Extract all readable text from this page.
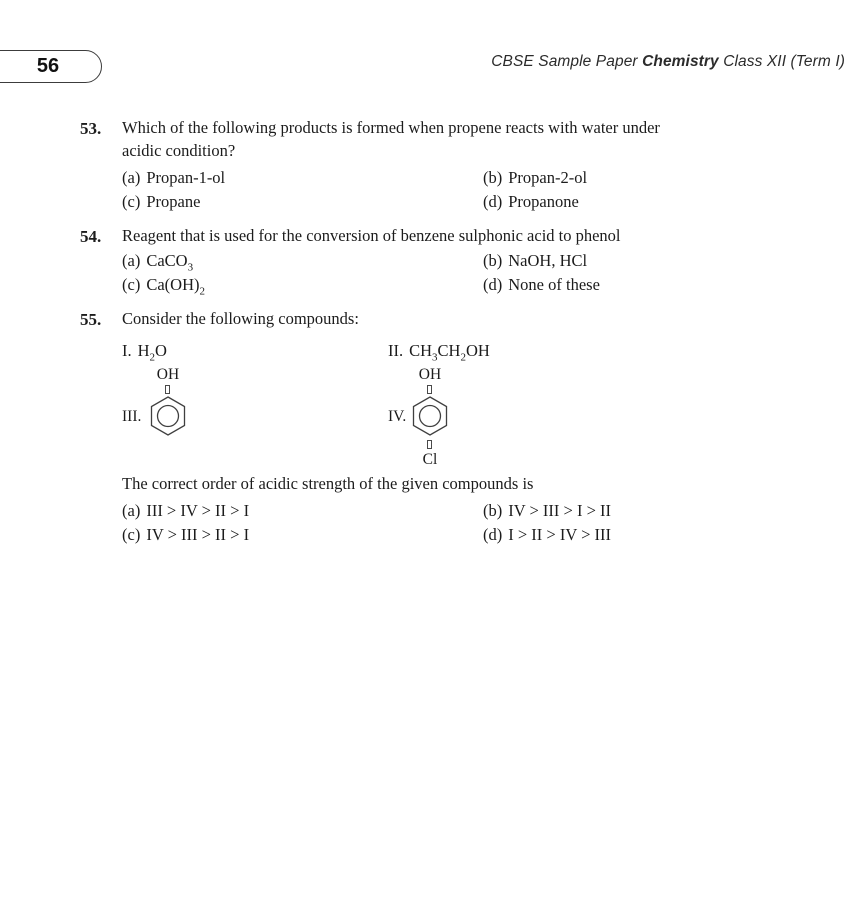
56	CBSE Sample Paper Chemistry Class XII (Term I)
53. Which of the following products is formed when propene reacts with water under
acidic condition?
(a) Propan-1-ol	(b) Propan-2-ol
(c) Propane	(d) Propanone
54. Reagent that is used for the conversion of benzene sulphonic acid to phenol
(a) CaCO$_3$	(b) NaOH, HCl
(c) $Ca(OH)_2$	(d) None of these
55. Consider the following compounds:
I. $H_2O$	II. $CH_3CH_2OH$
OH
III.
OH
IV.
Cl
The correct order of acidic strength of the given compounds is
(a) III > IV > II > I	(b) IV > III > I > II
(c) IV > III > II > I	(d) I > II > IV > III
